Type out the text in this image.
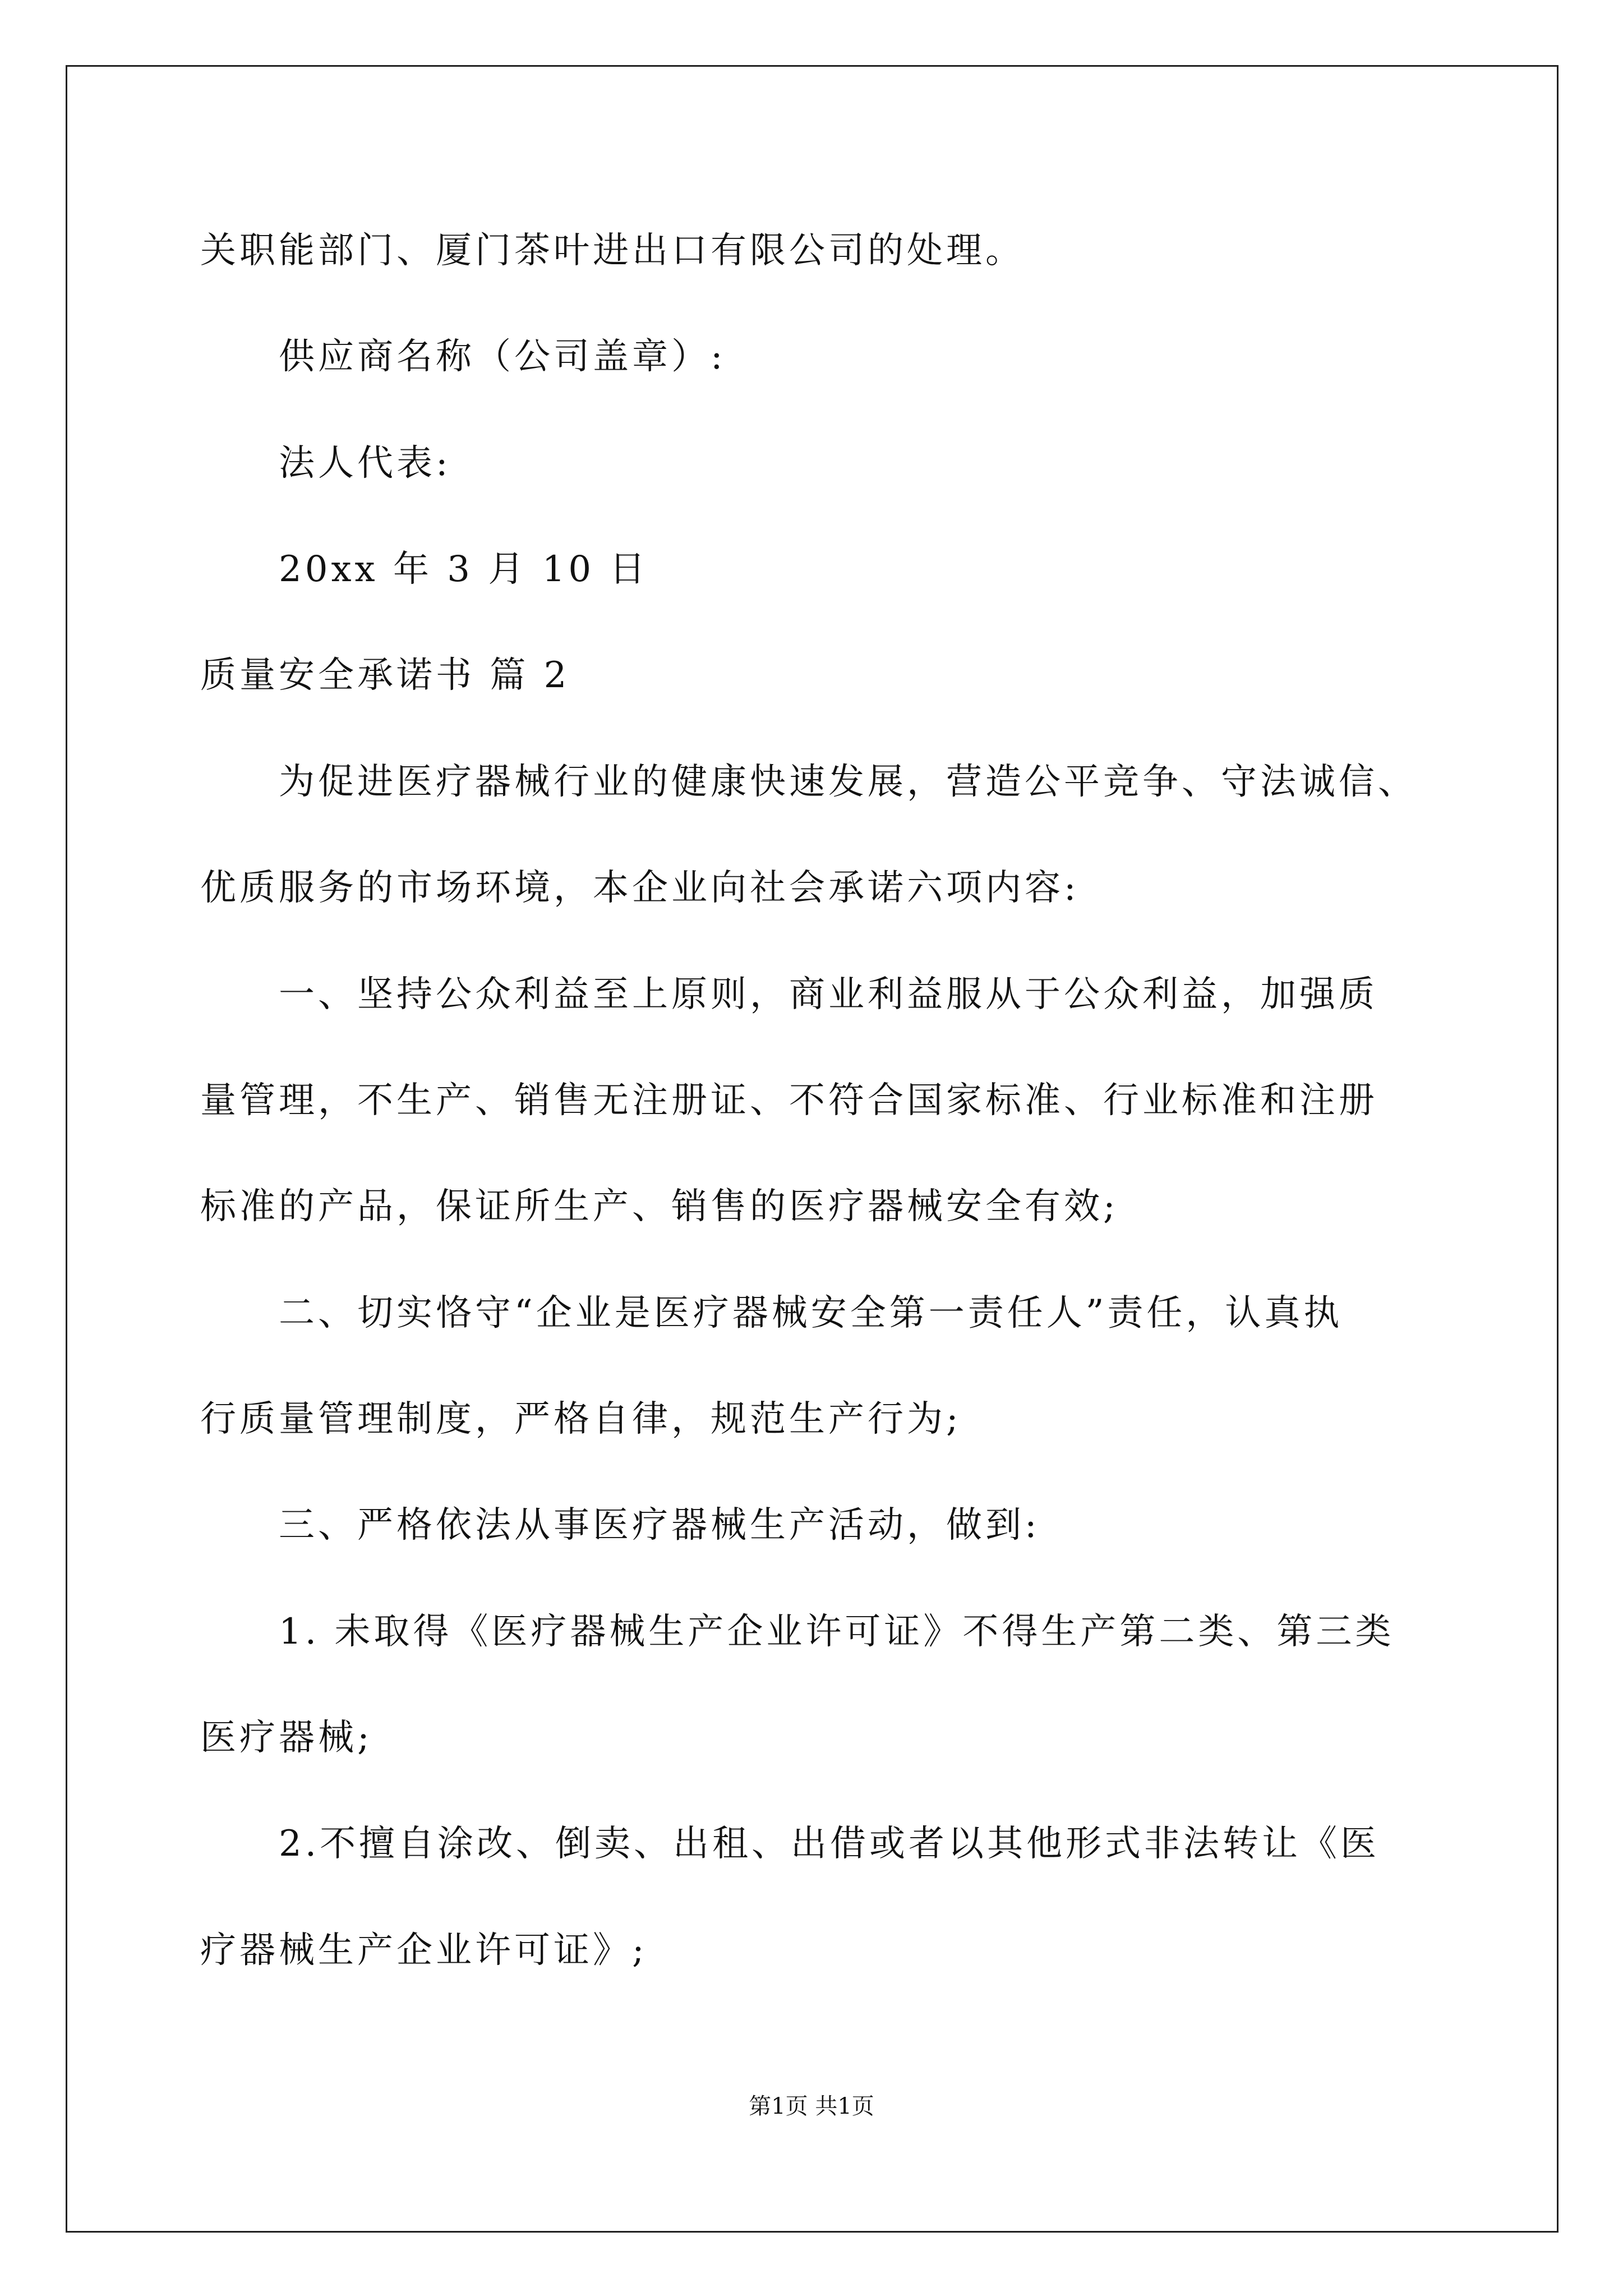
关职能部门、厦门茶叶进出口有限公司的处理。
供应商名称（公司盖章）:
法人代表:
20xx 年 3 月 10 日
质量安全承诺书 篇 2
为促进医疗器械行业的健康快速发展，营造公平竞争、守法诚信、
优质服务的市场环境，本企业向社会承诺六项内容:
一、坚持公众利益至上原则，商业利益服从于公众利益，加强质
量管理，不生产、销售无注册证、不符合国家标准、行业标准和注册
标准的产品，保证所生产、销售的医疗器械安全有效;
二、切实恪守“企业是医疗器械安全第一责任人”责任，认真执
行质量管理制度，严格自律，规范生产行为;
三、严格依法从事医疗器械生产活动，做到:
1. 未取得《医疗器械生产企业许可证》不得生产第二类、第三类
医疗器械;
2.不擅自涂改、倒卖、出租、出借或者以其他形式非法转让《医
疗器械生产企业许可证》;
第1页 共1页
